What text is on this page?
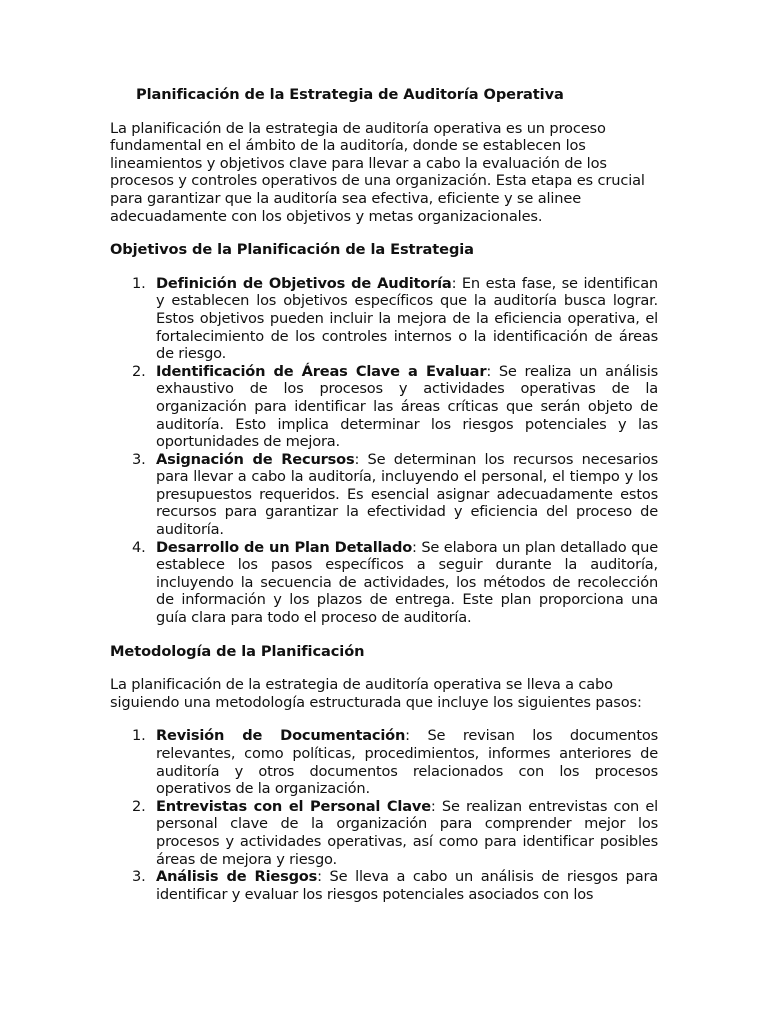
Planificación de la Estrategia de Auditoría Operativa

La planificación de la estrategia de auditoría operativa es un proceso fundamental en el ámbito de la auditoría, donde se establecen los lineamientos y objetivos clave para llevar a cabo la evaluación de los procesos y controles operativos de una organización. Esta etapa es crucial para garantizar que la auditoría sea efectiva, eficiente y se alinee adecuadamente con los objetivos y metas organizacionales.

Objetivos de la Planificación de la Estrategia

1. Definición de Objetivos de Auditoría: En esta fase, se identifican y establecen los objetivos específicos que la auditoría busca lograr. Estos objetivos pueden incluir la mejora de la eficiencia operativa, el fortalecimiento de los controles internos o la identificación de áreas de riesgo.
2. Identificación de Áreas Clave a Evaluar: Se realiza un análisis exhaustivo de los procesos y actividades operativas de la organización para identificar las áreas críticas que serán objeto de auditoría. Esto implica determinar los riesgos potenciales y las oportunidades de mejora.
3. Asignación de Recursos: Se determinan los recursos necesarios para llevar a cabo la auditoría, incluyendo el personal, el tiempo y los presupuestos requeridos. Es esencial asignar adecuadamente estos recursos para garantizar la efectividad y eficiencia del proceso de auditoría.
4. Desarrollo de un Plan Detallado: Se elabora un plan detallado que establece los pasos específicos a seguir durante la auditoría, incluyendo la secuencia de actividades, los métodos de recolección de información y los plazos de entrega. Este plan proporciona una guía clara para todo el proceso de auditoría.

Metodología de la Planificación

La planificación de la estrategia de auditoría operativa se lleva a cabo siguiendo una metodología estructurada que incluye los siguientes pasos:

1. Revisión de Documentación: Se revisan los documentos relevantes, como políticas, procedimientos, informes anteriores de auditoría y otros documentos relacionados con los procesos operativos de la organización.
2. Entrevistas con el Personal Clave: Se realizan entrevistas con el personal clave de la organización para comprender mejor los procesos y actividades operativas, así como para identificar posibles áreas de mejora y riesgo.
3. Análisis de Riesgos: Se lleva a cabo un análisis de riesgos para identificar y evaluar los riesgos potenciales asociados con los
